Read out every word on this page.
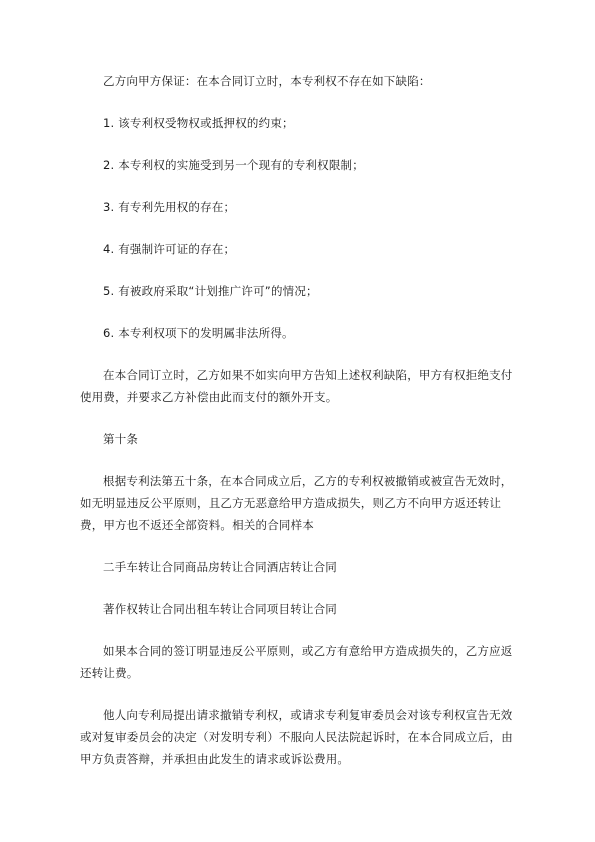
乙方向甲方保证：在本合同订立时，本专利权不存在如下缺陷：

1. 该专利权受物权或抵押权的约束；

2. 本专利权的实施受到另一个现有的专利权限制；

3. 有专利先用权的存在；

4. 有强制许可证的存在；

5. 有被政府采取“计划推广许可”的情况；

6. 本专利权项下的发明属非法所得。

在本合同订立时，乙方如果不如实向甲方告知上述权利缺陷，甲方有权拒绝支付使用费，并要求乙方补偿由此而支付的额外开支。

第十条

根据专利法第五十条，在本合同成立后，乙方的专利权被撤销或被宣告无效时，如无明显违反公平原则，且乙方无恶意给甲方造成损失，则乙方不向甲方返还转让费，甲方也不返还全部资料。相关的合同样本

二手车转让合同商品房转让合同酒店转让合同

著作权转让合同出租车转让合同项目转让合同

如果本合同的签订明显违反公平原则，或乙方有意给甲方造成损失的，乙方应返还转让费。

他人向专利局提出请求撤销专利权，或请求专利复审委员会对该专利权宣告无效或对复审委员会的决定（对发明专利）不服向人民法院起诉时，在本合同成立后，由甲方负责答辩，并承担由此发生的请求或诉讼费用。
